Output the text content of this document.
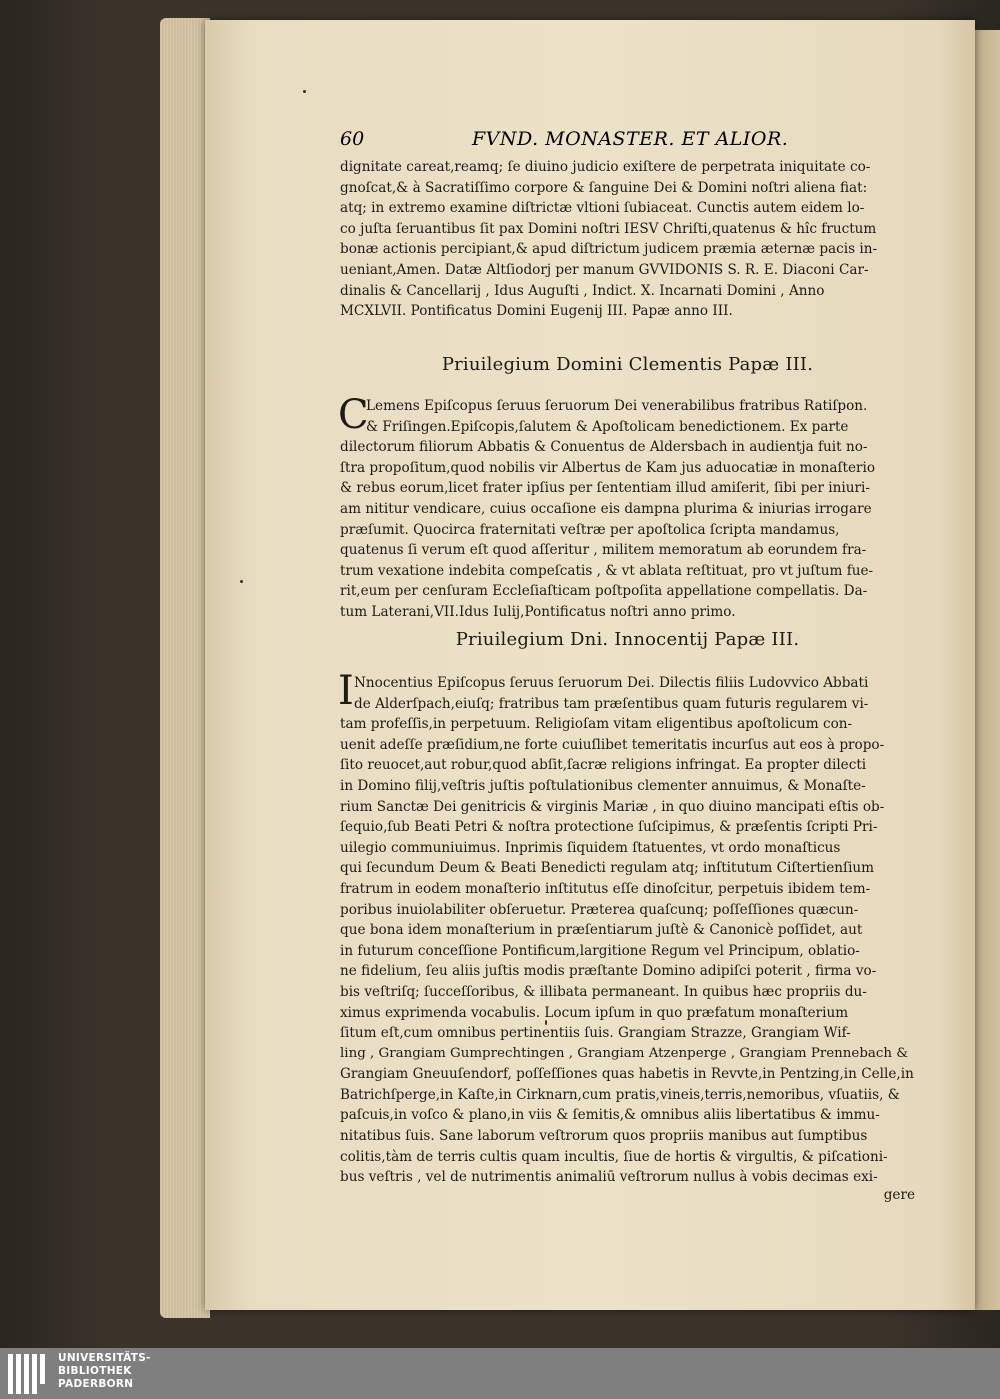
60	FVND. MONASTER. ET ALIOR.
dignitate careat,reamq; ſe diuino judicio exiſtere de perpetrata iniquitate co-
gnoſcat,& à Sacratiſſimo corpore & ſanguine Dei & Domini noſtri aliena fiat:
atq; in extremo examine diſtrictæ vltioni ſubiaceat. Cunctis autem eidem lo-
co juſta ſeruantibus ſit pax Domini noſtri IESV Chriſti,quatenus & hîc fructum
bonæ actionis percipiant,& apud diſtrictum judicem præmia æternæ pacis in-
ueniant,Amen. Datæ Altſiodorj per manum GVVIDONIS S. R. E. Diaconi Car-
dinalis & Cancellarij , Idus Auguſti , Indict. X. Incarnati Domini , Anno
MCXLVII. Pontificatus Domini Eugenij III. Papæ anno III.
Priuilegium Domini Clementis Papæ III.
C
Lemens Epiſcopus ſeruus ſeruorum Dei venerabilibus fratribus Ratiſpon.
& Friſingen.Epiſcopis,ſalutem & Apoſtolicam benedictionem. Ex parte
dilectorum filiorum Abbatis & Conuentus de Aldersbach in audientja fuit no-
ſtra propoſitum,quod nobilis vir Albertus de Kam jus aduocatiæ in monaſterio
& rebus eorum,licet frater ipſius per ſententiam illud amiſerit, ſibi per iniuri-
am nititur vendicare, cuius occaſione eis dampna plurima & iniurias irrogare
præſumit. Quocirca fraternitati veſtræ per apoſtolica ſcripta mandamus,
quatenus ſi verum eſt quod aſſeritur , militem memoratum ab eorundem fra-
trum vexatione indebita compeſcatis , & vt ablata reſtituat, pro vt juſtum fue-
rit,eum per cenſuram Eccleſiaſticam poſtpoſita appellatione compellatis. Da-
tum Laterani,VII.Idus Iulij,Pontificatus noſtri anno primo.
Priuilegium Dni. Innocentij Papæ III.
I Nnocentius Epiſcopus ſeruus ſeruorum Dei. Dilectis filiis Ludovvico Abbati
de Alderſpach,eiuſq; fratribus tam præſentibus quam futuris regularem vi-
tam profeſſis,in perpetuum. Religioſam vitam eligentibus apoſtolicum con-
uenit adeſſe præſidium,ne forte cuiuſlibet temeritatis incurſus aut eos à propo-
ſito reuocet,aut robur,quod abſit,ſacræ religions infringat. Ea propter dilecti
in Domino filij,veſtris juſtis poſtulationibus clementer annuimus, & Monaſte-
rium Sanctæ Dei genitricis & virginis Mariæ , in quo diuino mancipati eſtis ob-
ſequio,ſub Beati Petri & noſtra protectione ſuſcipimus, & præſentis ſcripti Pri-
uilegio communiuimus. Inprimis ſiquidem ſtatuentes, vt ordo monaſticus
qui ſecundum Deum & Beati Benedicti regulam atq; inſtitutum Ciſtertienſium
fratrum in eodem monaſterio inſtitutus eſſe dinoſcitur, perpetuis ibidem tem-
poribus inuiolabiliter obſeruetur. Præterea quaſcunq; poſſeſſiones quæcun-
que bona idem monaſterium in præſentiarum juſtè & Canonicè poſſidet, aut
in futurum conceſſione Pontificum,largitione Regum vel Principum, oblatio-
ne fidelium, ſeu aliis juſtis modis præſtante Domino adipiſci poterit , firma vo-
bis veſtriſq; ſucceſſoribus, & illibata permaneant. In quibus hæc propriis du-
ximus exprimenda vocabulis. Locum ipſum in quo præfatum monaſterium
ſitum eſt,cum omnibus pertinentiis ſuis. Grangiam Strazze, Grangiam Wif-
ling , Grangiam Gumprechtingen , Grangiam Atzenperge , Grangiam Prennebach &
Grangiam Gneuuſendorf, poſſeſſiones quas habetis in Revvte,in Pentzing,in Celle,in
Batrichſperge,in Kaſte,in Cirknarn,cum pratis,vineis,terris,nemoribus, vſuatiis, &
paſcuis,in voſco & plano,in viis & ſemitis,& omnibus aliis libertatibus & immu-
nitatibus ſuis. Sane laborum veſtrorum quos propriis manibus aut ſumptibus
colitis,tàm de terris cultis quam incultis, ſiue de hortis & virgultis, & piſcationi-
bus veſtris , vel de nutrimentis animaliū veſtrorum nullus à vobis decimas exi-
gere
UNIVERSITÄTS-
BIBLIOTHEK
PADERBORN
